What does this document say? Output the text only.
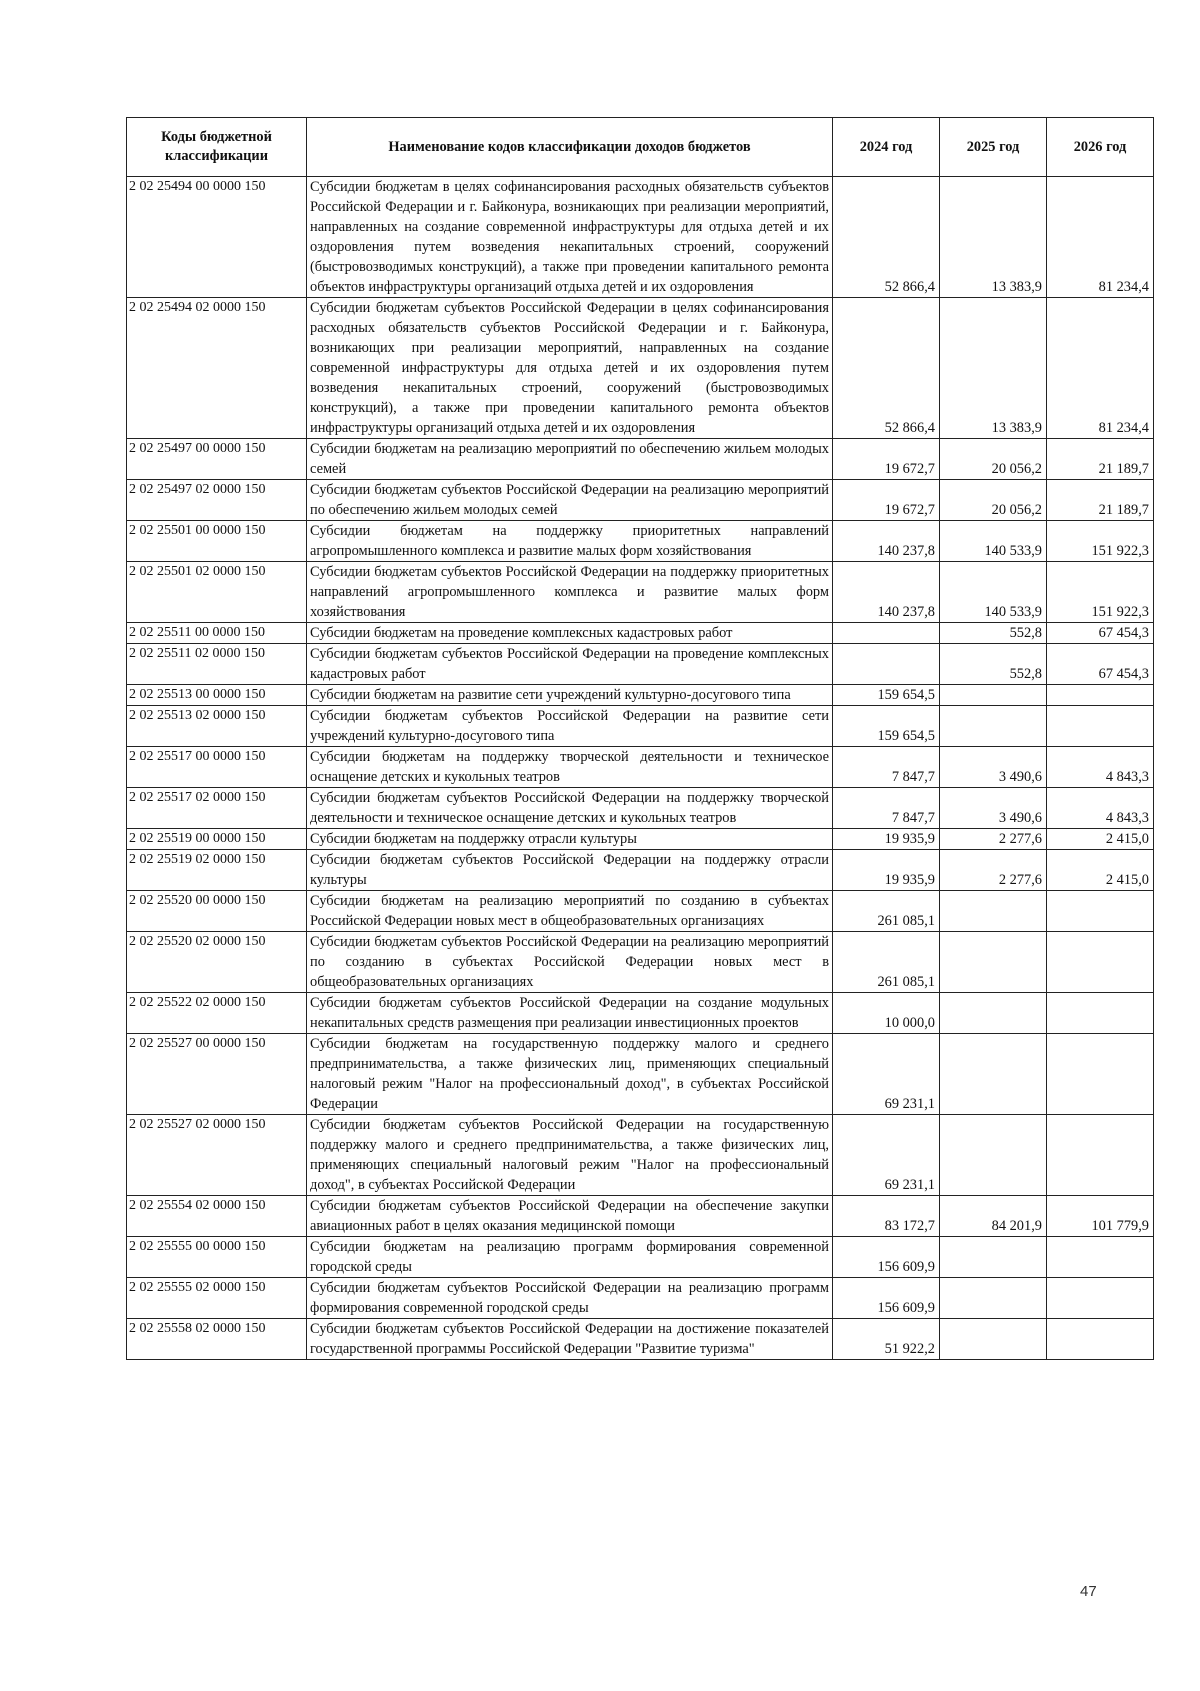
Коды бюджетной классификации	Наименование кодов классификации доходов бюджетов	2024 год	2025 год	2026 год
2 02 25494 00 0000 150	Субсидии бюджетам в целях софинансирования расходных обязательств субъектов Российской Федерации и г. Байконура, возникающих при реализации мероприятий, направленных на создание современной инфраструктуры для отдыха детей и их оздоровления путем возведения некапитальных строений, сооружений (быстровозводимых конструкций), а также при проведении капитального ремонта объектов инфраструктуры организаций отдыха детей и их оздоровления	52 866,4	13 383,9	81 234,4
2 02 25494 02 0000 150	Субсидии бюджетам субъектов Российской Федерации в целях софинансирования расходных обязательств субъектов Российской Федерации и г. Байконура, возникающих при реализации мероприятий, направленных на создание современной инфраструктуры для отдыха детей и их оздоровления путем возведения некапитальных строений, сооружений (быстровозводимых конструкций), а также при проведении капитального ремонта объектов инфраструктуры организаций отдыха детей и их оздоровления	52 866,4	13 383,9	81 234,4
2 02 25497 00 0000 150	Субсидии бюджетам на реализацию мероприятий по обеспечению жильем молодых семей	19 672,7	20 056,2	21 189,7
2 02 25497 02 0000 150	Субсидии бюджетам субъектов Российской Федерации на реализацию мероприятий по обеспечению жильем молодых семей	19 672,7	20 056,2	21 189,7
2 02 25501 00 0000 150	Субсидии бюджетам на поддержку приоритетных направлений агропромышленного комплекса и развитие малых форм хозяйствования	140 237,8	140 533,9	151 922,3
2 02 25501 02 0000 150	Субсидии бюджетам субъектов Российской Федерации на поддержку приоритетных направлений агропромышленного комплекса и развитие малых форм хозяйствования	140 237,8	140 533,9	151 922,3
2 02 25511 00 0000 150	Субсидии бюджетам на проведение комплексных кадастровых работ		552,8	67 454,3
2 02 25511 02 0000 150	Субсидии бюджетам субъектов Российской Федерации на проведение комплексных кадастровых работ		552,8	67 454,3
2 02 25513 00 0000 150	Субсидии бюджетам на развитие сети учреждений культурно-досугового типа	159 654,5		
2 02 25513 02 0000 150	Субсидии бюджетам субъектов Российской Федерации на развитие сети учреждений культурно-досугового типа	159 654,5		
2 02 25517 00 0000 150	Субсидии бюджетам на поддержку творческой деятельности и техническое оснащение детских и кукольных театров	7 847,7	3 490,6	4 843,3
2 02 25517 02 0000 150	Субсидии бюджетам субъектов Российской Федерации на поддержку творческой деятельности и техническое оснащение детских и кукольных театров	7 847,7	3 490,6	4 843,3
2 02 25519 00 0000 150	Субсидии бюджетам на поддержку отрасли культуры	19 935,9	2 277,6	2 415,0
2 02 25519 02 0000 150	Субсидии бюджетам субъектов Российской Федерации на поддержку отрасли культуры	19 935,9	2 277,6	2 415,0
2 02 25520 00 0000 150	Субсидии бюджетам на реализацию мероприятий по созданию в субъектах Российской Федерации новых мест в общеобразовательных организациях	261 085,1		
2 02 25520 02 0000 150	Субсидии бюджетам субъектов Российской Федерации на реализацию мероприятий по созданию в субъектах Российской Федерации новых мест в общеобразовательных организациях	261 085,1		
2 02 25522 02 0000 150	Субсидии бюджетам субъектов Российской Федерации на создание модульных некапитальных средств размещения при реализации инвестиционных проектов	10 000,0		
2 02 25527 00 0000 150	Субсидии бюджетам на государственную поддержку малого и среднего предпринимательства, а также физических лиц, применяющих специальный налоговый режим "Налог на профессиональный доход", в субъектах Российской Федерации	69 231,1		
2 02 25527 02 0000 150	Субсидии бюджетам субъектов Российской Федерации на государственную поддержку малого и среднего предпринимательства, а также физических лиц, применяющих специальный налоговый режим "Налог на профессиональный доход", в субъектах Российской Федерации	69 231,1		
2 02 25554 02 0000 150	Субсидии бюджетам субъектов Российской Федерации на обеспечение закупки авиационных работ в целях оказания медицинской помощи	83 172,7	84 201,9	101 779,9
2 02 25555 00 0000 150	Субсидии бюджетам на реализацию программ формирования современной городской среды	156 609,9		
2 02 25555 02 0000 150	Субсидии бюджетам субъектов Российской Федерации на реализацию программ формирования современной городской среды	156 609,9		
2 02 25558 02 0000 150	Субсидии бюджетам субъектов Российской Федерации на достижение показателей государственной программы Российской Федерации "Развитие туризма"	51 922,2		
47
